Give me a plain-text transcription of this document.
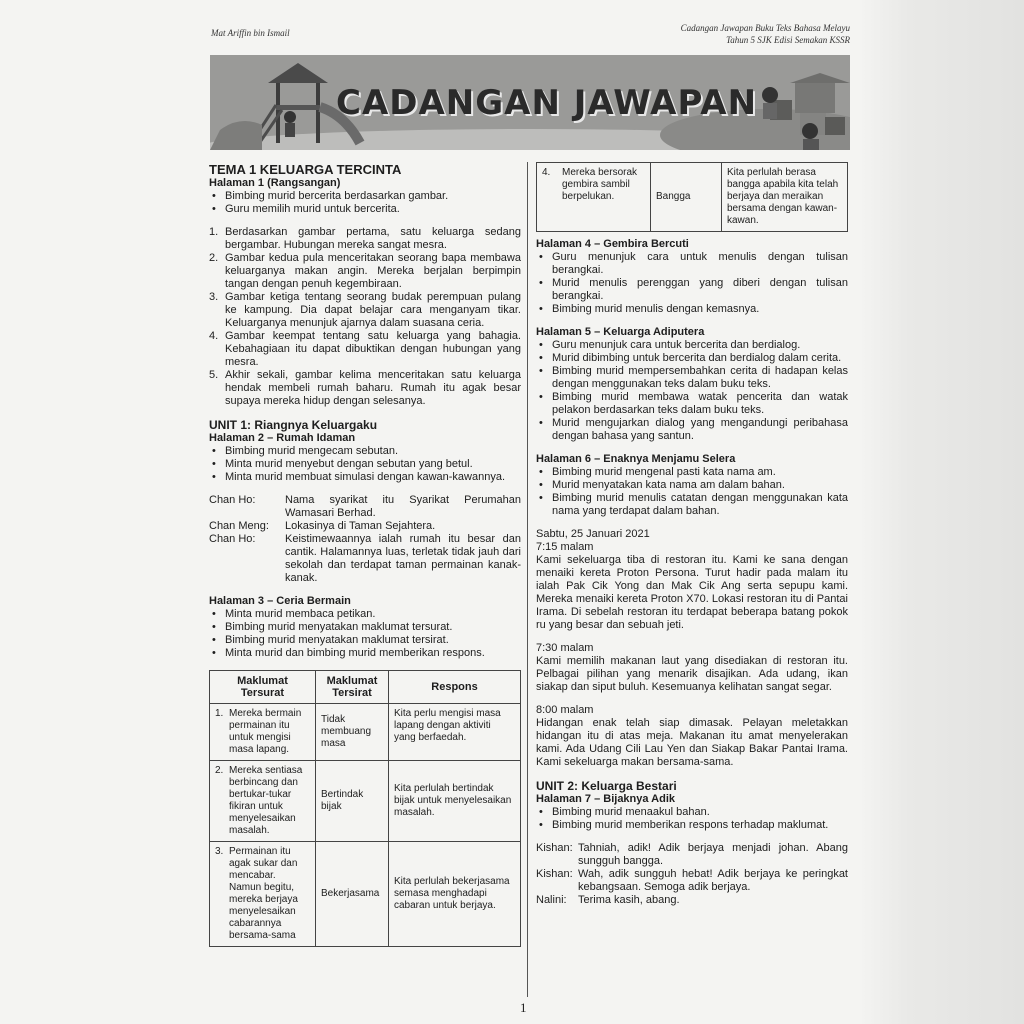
Mat Ariffin bin Ismail	Cadangan Jawapan Buku Teks Bahasa Melayu
Tahun 5 SJK Edisi Semakan KSSR
CADANGAN JAWAPAN
TEMA 1 KELUARGA TERCINTA
Halaman 1 (Rangsangan)
• Bimbing murid bercerita berdasarkan gambar.
• Guru memilih murid untuk bercerita.
1. Berdasarkan gambar pertama, satu keluarga sedang bergambar. Hubungan mereka sangat mesra.
2. Gambar kedua pula menceritakan seorang bapa membawa keluarganya makan angin. Mereka berjalan berpimpin tangan dengan penuh kegembiraan.
3. Gambar ketiga tentang seorang budak perempuan pulang ke kampung. Dia dapat belajar cara menganyam tikar. Keluarganya menunjuk ajarnya dalam suasana ceria.
4. Gambar keempat tentang satu keluarga yang bahagia. Kebahagiaan itu dapat dibuktikan dengan hubungan yang mesra.
5. Akhir sekali, gambar kelima menceritakan satu keluarga hendak membeli rumah baharu. Rumah itu agak besar supaya mereka hidup dengan selesanya.
UNIT 1: Riangnya Keluargaku
Halaman 2 – Rumah Idaman
• Bimbing murid mengecam sebutan.
• Minta murid menyebut dengan sebutan yang betul.
• Minta murid membuat simulasi dengan kawan-kawannya.
Chan Ho:	Nama syarikat itu Syarikat Perumahan Wamasari Berhad.
Chan Meng:	Lokasinya di Taman Sejahtera.
Chan Ho:	Keistimewaannya ialah rumah itu besar dan cantik. Halamannya luas, terletak tidak jauh dari sekolah dan terdapat taman permainan kanak-kanak.
Halaman 3 – Ceria Bermain
• Minta murid membaca petikan.
• Bimbing murid menyatakan maklumat tersurat.
• Bimbing murid menyatakan maklumat tersirat.
• Minta murid dan bimbing murid memberikan respons.
Maklumat Tersurat	Maklumat Tersirat	Respons

1. Mereka bermain permainan itu untuk mengisi masa lapang.	Tidak membuang masa	Kita perlu mengisi masa lapang dengan aktiviti yang berfaedah.

2. Mereka sentiasa berbincang dan bertukar-tukar fikiran untuk menyelesaikan masalah.	Bertindak bijak	Kita perlulah bertindak bijak untuk menyelesaikan masalah.

3. Permainan itu agak sukar dan mencabar. Namun begitu, mereka berjaya menyelesaikan cabarannya bersama-sama	Bekerjasama	Kita perlulah bekerjasama semasa menghadapi cabaran untuk berjaya.
4.	Mereka bersorak gembira sambil berpelukan.	Bangga	Kita perlulah berasa bangga apabila kita telah berjaya dan meraikan bersama dengan kawan-kawan.
Halaman 4 – Gembira Bercuti
• Guru menunjuk cara untuk menulis dengan tulisan berangkai.
• Murid menulis perenggan yang diberi dengan tulisan berangkai.
• Bimbing murid menulis dengan kemasnya.
Halaman 5 – Keluarga Adiputera
• Guru menunjuk cara untuk bercerita dan berdialog.
• Murid dibimbing untuk bercerita dan berdialog dalam cerita.
• Bimbing murid mempersembahkan cerita di hadapan kelas dengan menggunakan teks dalam buku teks.
• Bimbing murid membawa watak pencerita dan watak pelakon berdasarkan teks dalam buku teks.
• Murid mengujarkan dialog yang mengandungi peribahasa dengan bahasa yang santun.
Halaman 6 – Enaknya Menjamu Selera
• Bimbing murid mengenal pasti kata nama am.
• Murid menyatakan kata nama am dalam bahan.
• Bimbing murid menulis catatan dengan menggunakan kata nama yang terdapat dalam bahan.
Sabtu, 25 Januari 2021
7:15 malam
Kami sekeluarga tiba di restoran itu. Kami ke sana dengan menaiki kereta Proton Persona. Turut hadir pada malam itu ialah Pak Cik Yong dan Mak Cik Ang serta sepupu kami. Mereka menaiki kereta Proton X70. Lokasi restoran itu di Pantai Irama. Di sebelah restoran itu terdapat beberapa batang pokok ru yang besar dan sebuah jeti.
7:30 malam
Kami memilih makanan laut yang disediakan di restoran itu. Pelbagai pilihan yang menarik disajikan. Ada udang, ikan siakap dan siput buluh. Kesemuanya kelihatan sangat segar.
8:00 malam
Hidangan enak telah siap dimasak. Pelayan meletakkan hidangan itu di atas meja. Makanan itu amat menyelerakan kami. Ada Udang Cili Lau Yen dan Siakap Bakar Pantai Irama. Kami sekeluarga makan bersama-sama.
UNIT 2: Keluarga Bestari
Halaman 7 – Bijaknya Adik
• Bimbing murid menaakul bahan.
• Bimbing murid memberikan respons terhadap maklumat.
Kishan: Tahniah, adik! Adik berjaya menjadi johan. Abang sungguh bangga.
Kishan: Wah, adik sungguh hebat! Adik berjaya ke peringkat kebangsaan. Semoga adik berjaya.
Nalini:	Terima kasih, abang.
1
